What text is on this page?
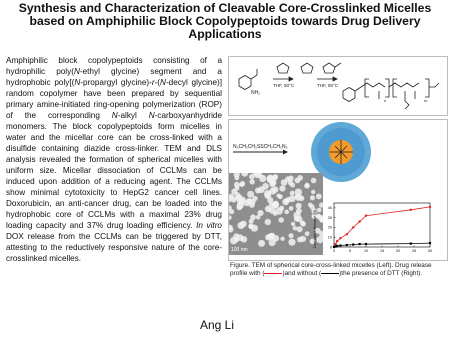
Synthesis and Characterization of Cleavable Core-Crosslinked Micelles based on Amphiphilic Block Copolypeptoids towards Drug Delivery Applications

Amphiphilic block copolypeptoids consisting of a hydrophilic poly(N-ethyl glycine) segment and a hydrophobic poly[(N-propargyl glycine)-r-(N-decyl glycine)] random copolymer have been prepared by sequential primary amine-initiated ring-opening polymerization (ROP) of the corresponding N-alkyl N-carboxyanhydride monomers. The block copolypeptoids form micelles in water and the micellar core can be cross-linked with a disulfide containing diazide cross-linker. TEM and DLS analysis revealed the formation of spherical micelles with uniform size. Micellar dissociation of CCLMs can be induced upon addition of a reducing agent. The CCLMs show minimal cytotoxicity to HepG2 cancer cell lines. Doxorubicin, an anti-cancer drug, can be loaded into the hydrophobic core of CCLMs with a maximal 23% drug loading capacity and 37% drug loading efficiency. In vitro DOX release from the CCLMs can be triggered by DTT, attesting to the reductively responsive nature of the core-crosslinked micelles.

NH₂
THF, 50°C	THF, 50°C
n	m
N₃CH₂CH₂SSCH₂CH₂N₃
100 nm
Cumulative Release (%)
0	5	10	15	20	25	30
0
10
20
30
40

Figure. TEM of spherical core-cross-linked micelles (Left). Drug release profile with (	)and without (	)the presence of DTT (Right).

Ang Li
